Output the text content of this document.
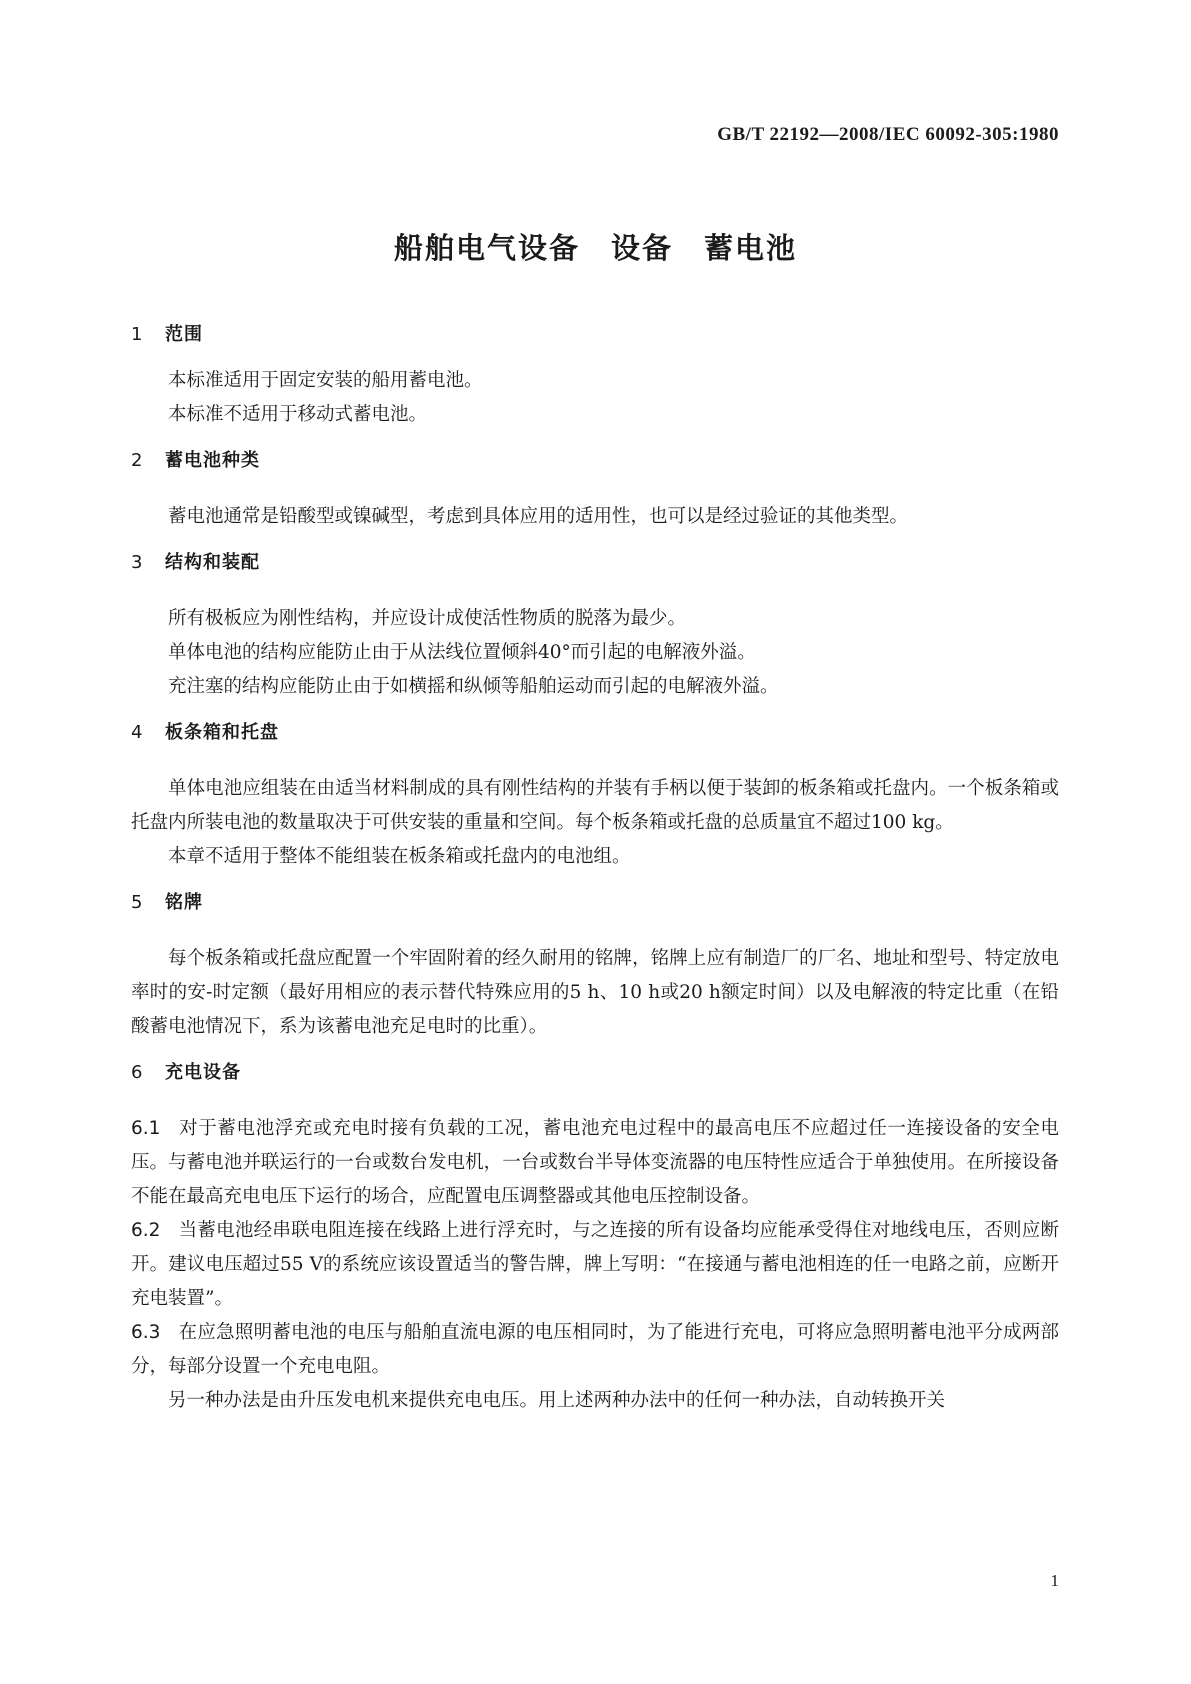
GB/T 22192—2008/IEC 60092-305:1980
船舶电气设备　设备　蓄电池
1	范围

本标准适用于固定安装的船用蓄电池。

本标准不适用于移动式蓄电池。

2	蓄电池种类

蓄电池通常是铅酸型或镍碱型，考虑到具体应用的适用性，也可以是经过验证的其他类型。

3	结构和装配

所有极板应为刚性结构，并应设计成使活性物质的脱落为最少。

单体电池的结构应能防止由于从法线位置倾斜40°而引起的电解液外溢。

充注塞的结构应能防止由于如横摇和纵倾等船舶运动而引起的电解液外溢。

4	板条箱和托盘

单体电池应组装在由适当材料制成的具有刚性结构的并装有手柄以便于装卸的板条箱或托盘内。一个板条箱或托盘内所装电池的数量取决于可供安装的重量和空间。每个板条箱或托盘的总质量宜不超过100 kg。

本章不适用于整体不能组装在板条箱或托盘内的电池组。

5	铭牌

每个板条箱或托盘应配置一个牢固附着的经久耐用的铭牌，铭牌上应有制造厂的厂名、地址和型号、特定放电率时的安-时定额（最好用相应的表示替代特殊应用的5 h、10 h或20 h额定时间）以及电解液的特定比重（在铅酸蓄电池情况下，系为该蓄电池充足电时的比重）。

6	充电设备

6.1 对于蓄电池浮充或充电时接有负载的工况，蓄电池充电过程中的最高电压不应超过任一连接设备的安全电压。与蓄电池并联运行的一台或数台发电机，一台或数台半导体变流器的电压特性应适合于单独使用。在所接设备不能在最高充电电压下运行的场合，应配置电压调整器或其他电压控制设备。

6.2 当蓄电池经串联电阻连接在线路上进行浮充时，与之连接的所有设备均应能承受得住对地线电压，否则应断开。建议电压超过55 V的系统应该设置适当的警告牌，牌上写明：“在接通与蓄电池相连的任一电路之前，应断开充电装置”。

6.3 在应急照明蓄电池的电压与船舶直流电源的电压相同时，为了能进行充电，可将应急照明蓄电池平分成两部分，每部分设置一个充电电阻。

另一种办法是由升压发电机来提供充电电压。用上述两种办法中的任何一种办法，自动转换开关

1
